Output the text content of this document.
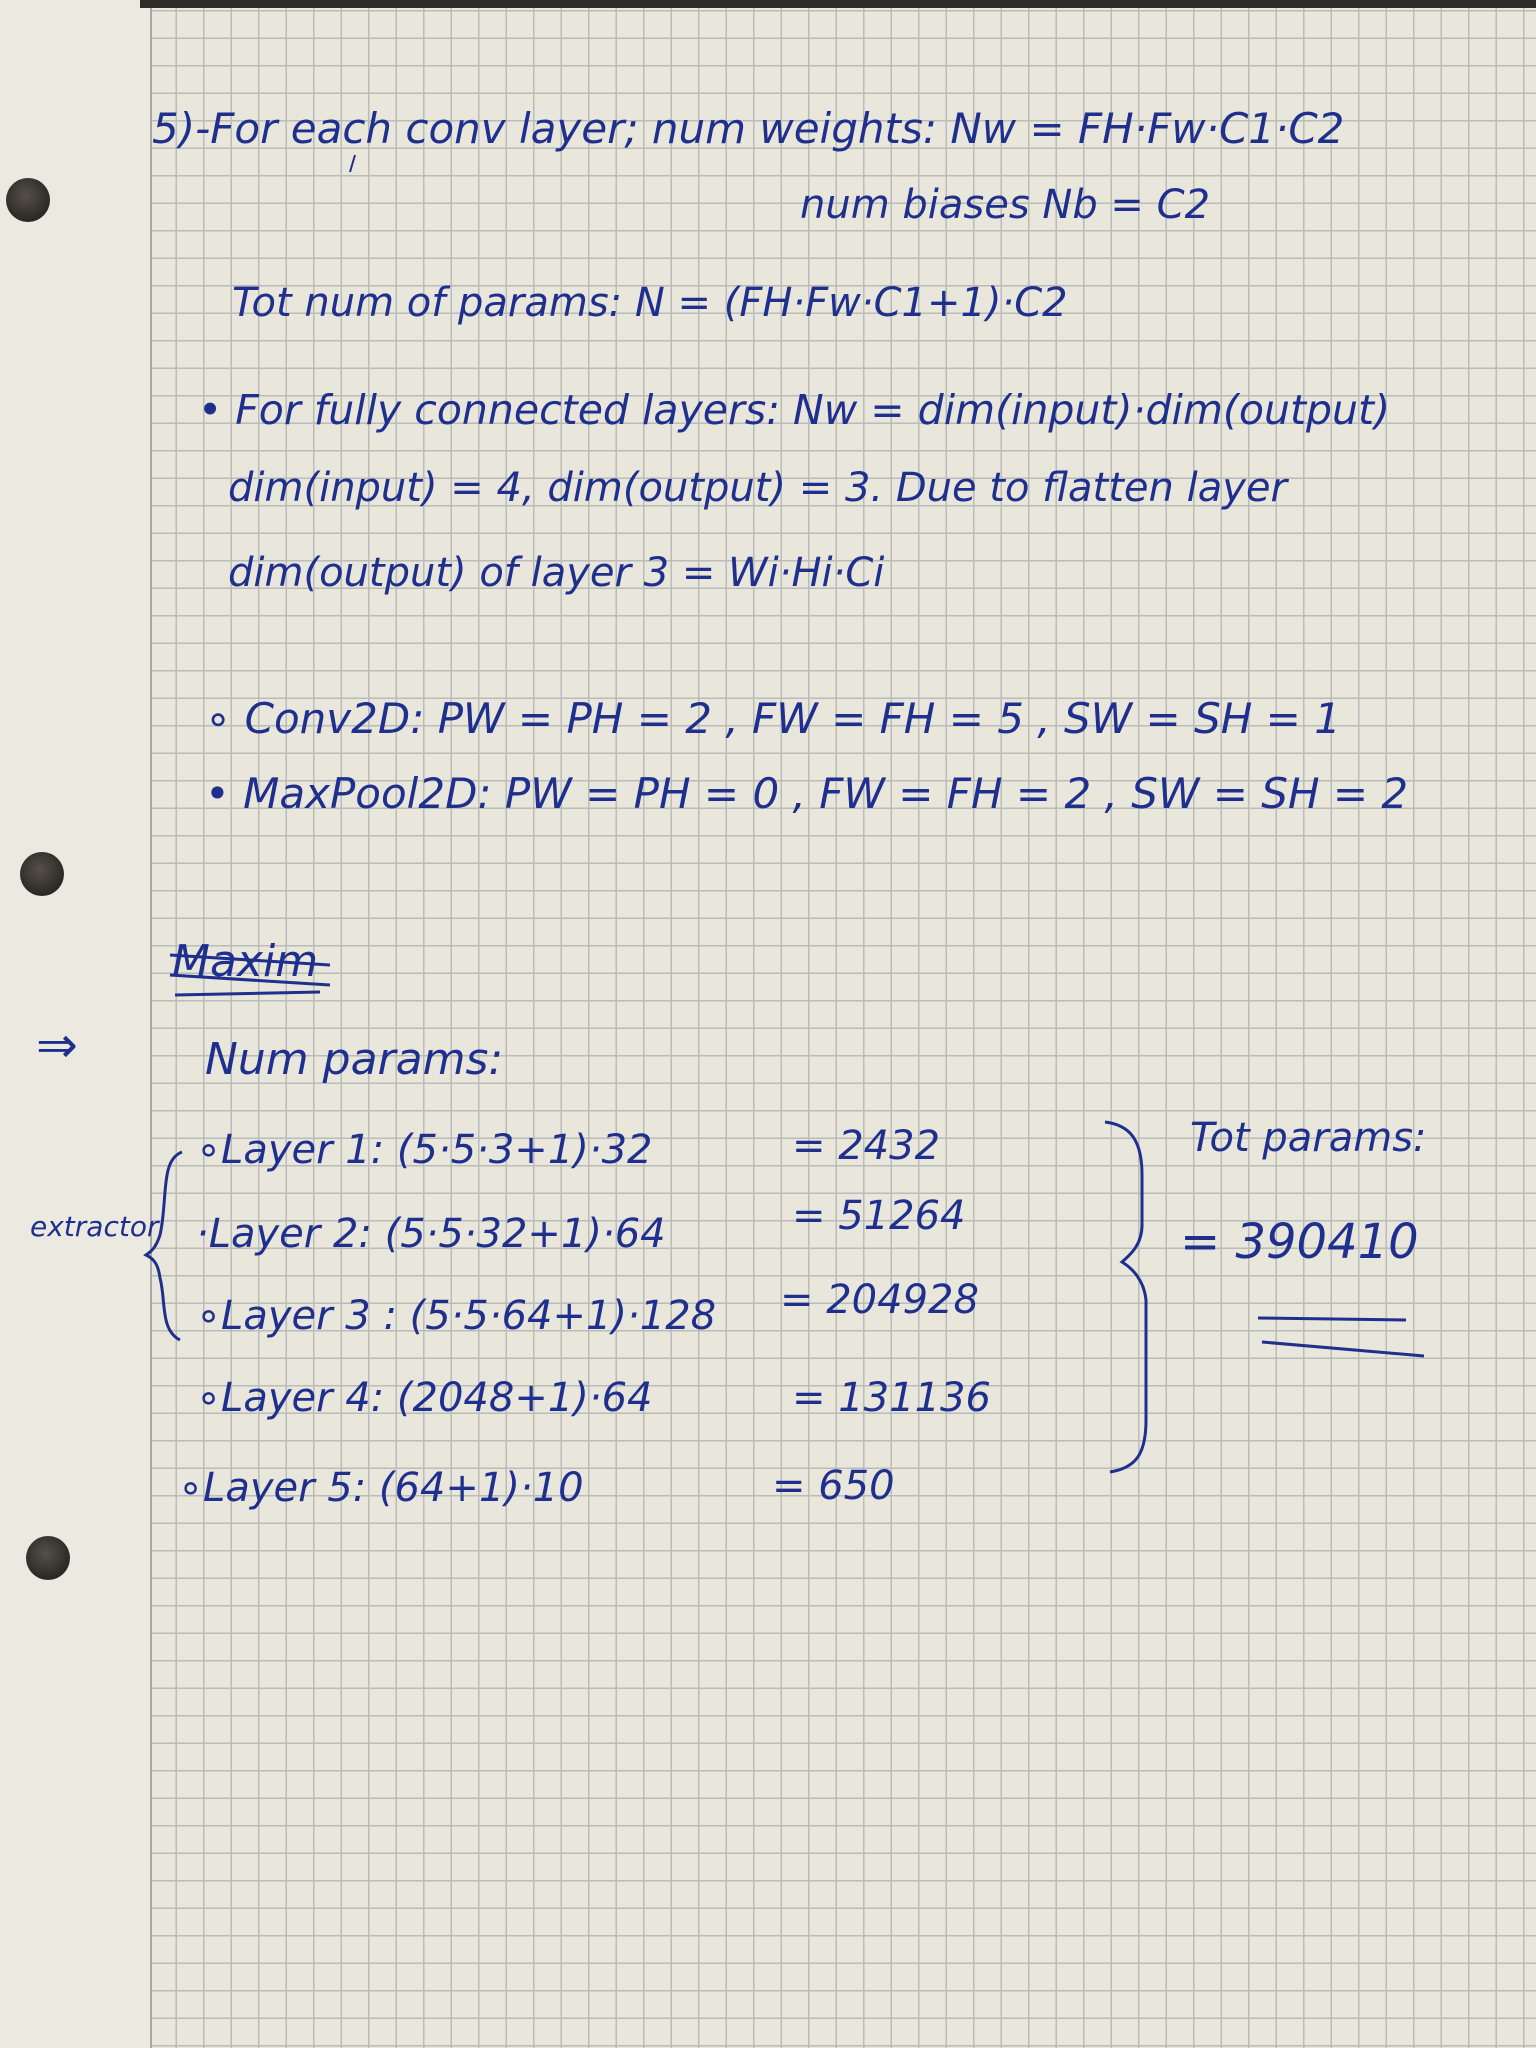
5)-For each conv layer; num weights: Nw = FH·Fw·C1·C2
num biases Nb = C2
Tot num of params: N = (FH·Fw·C1+1)·C2
• For fully connected layers: Nw = dim(input)·dim(output)
dim(input) = 4, dim(output) = 3. Due to flatten layer
dim(output) of layer 3 = Wi·Hi·Ci
∘ Conv2D: PW = PH = 2 , FW = FH = 5 , SW = SH = 1
• MaxPool2D: PW = PH = 0 , FW = FH = 2 , SW = SH = 2
Maxim
⇒	Num params:
extractor
∘Layer 1: (5·5·3+1)·32	= 2432
·Layer 2: (5·5·32+1)·64	= 51264
∘Layer 3 : (5·5·64+1)·128 = 204928
∘Layer 4: (2048+1)·64	= 131136
∘Layer 5: (64+1)·10	= 650
Tot params:
= 390410
